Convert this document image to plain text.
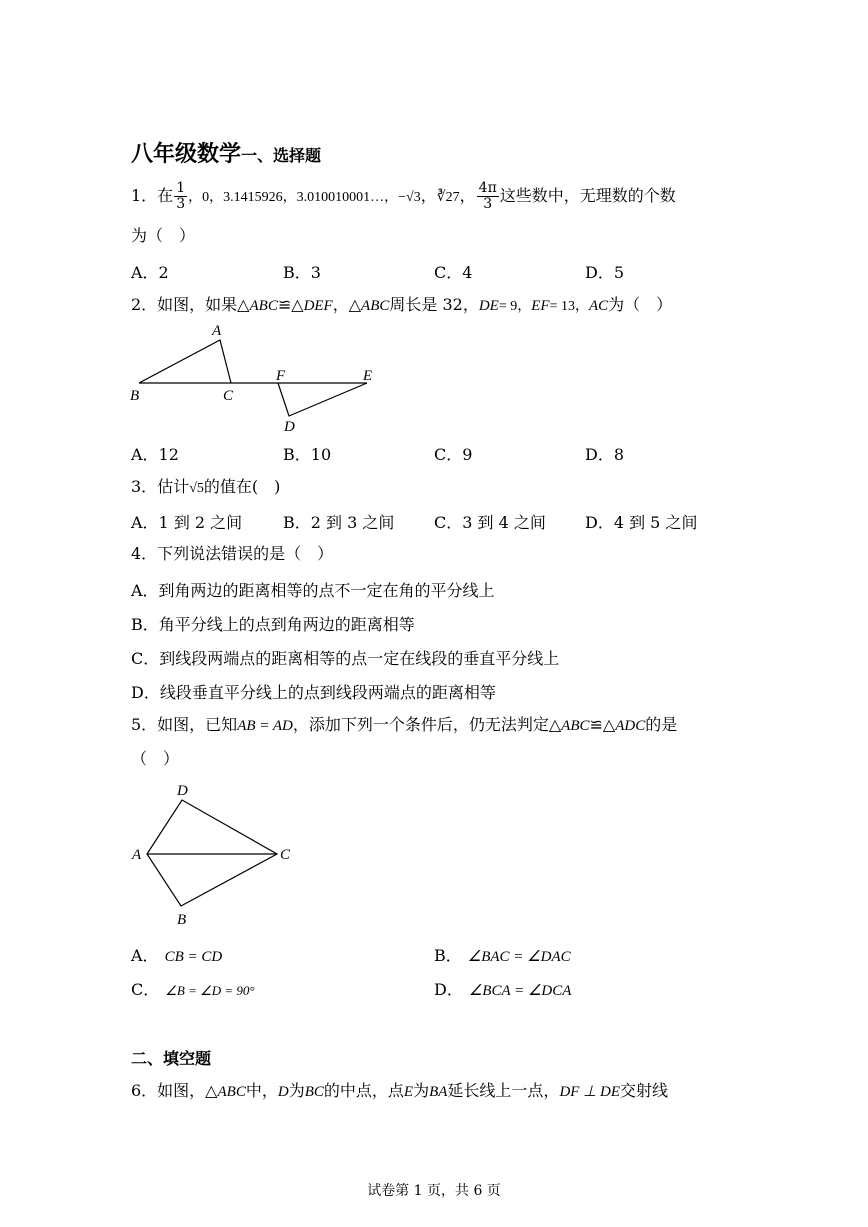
八年级数学一、选择题
1．在 $\frac{1}{3}$ ，0，3.1415926，3.010010001…，−√3，∛27， $\frac{4\pi}{3}$ 这些数中，无理数的个数
为（　）
A．2	B．3	C．4	D．5
2．如图，如果△ABC≌△DEF，△ABC周长是 32，DE= 9，EF= 13，AC为（　）
A
B	C
F	E
D
A．12	B．10	C．9	D．8
3．估计√5的值在(　)
A．1 到 2 之间	B．2 到 3 之间 C．3 到 4 之间 D．4 到 5 之间
4．下列说法错误的是（　）
A．到角两边的距离相等的点不一定在角的平分线上
B．角平分线上的点到角两边的距离相等
C．到线段两端点的距离相等的点一定在线段的垂直平分线上
D．线段垂直平分线上的点到线段两端点的距离相等
5．如图，已知AB = AD，添加下列一个条件后，仍无法判定△ABC≌△ADC的是
（　）
D
A	C
B
A． CB = CD	B． ∠BAC = ∠DAC
C． ∠B = ∠D = 90°	D． ∠BCA = ∠DCA
二、填空题
6．如图，△ABC中，D为BC的中点，点E为BA延长线上一点，DF ⊥ DE交射线
试卷第 1 页，共 6 页
